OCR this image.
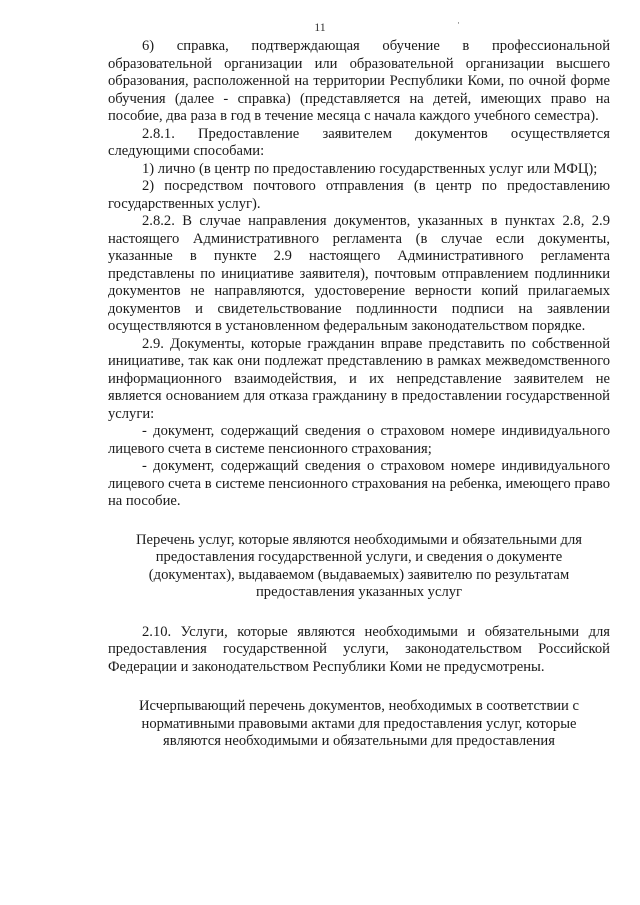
11	·

6) справка, подтверждающая обучение в профессиональной образовательной организации или образовательной организации высшего образования, расположенной на территории Республики Коми, по очной форме обучения (далее - справка) (представляется на детей, имеющих право на пособие, два раза в год в течение месяца с начала каждого учебного семестра).

2.8.1. Предоставление заявителем документов осуществляется следующими способами:

1) лично (в центр по предоставлению государственных услуг или МФЦ);

2) посредством почтового отправления (в центр по предоставлению государственных услуг).

2.8.2. В случае направления документов, указанных в пунктах 2.8, 2.9 настоящего Административного регламента (в случае если документы, указанные в пункте 2.9 настоящего Административного регламента представлены по инициативе заявителя), почтовым отправлением подлинники документов не направляются, удостоверение верности копий прилагаемых документов и свидетельствование подлинности подписи на заявлении осуществляются в установленном федеральным законодательством порядке.

2.9. Документы, которые гражданин вправе представить по собственной инициативе, так как они подлежат представлению в рамках межведомственного информационного взаимодействия, и их непредставление заявителем не является основанием для отказа гражданину в предоставлении государственной услуги:

- документ, содержащий сведения о страховом номере индивидуального лицевого счета в системе пенсионного страхования;

- документ, содержащий сведения о страховом номере индивидуального лицевого счета в системе пенсионного страхования на ребенка, имеющего право на пособие.

Перечень услуг, которые являются необходимыми и обязательными для предоставления государственной услуги, и сведения о документе (документах), выдаваемом (выдаваемых) заявителю по результатам предоставления указанных услуг

2.10. Услуги, которые являются необходимыми и обязательными для предоставления государственной услуги, законодательством Российской Федерации и законодательством Республики Коми не предусмотрены.

Исчерпывающий перечень документов, необходимых в соответствии с нормативными правовыми актами для предоставления услуг, которые являются необходимыми и обязательными для предоставления
